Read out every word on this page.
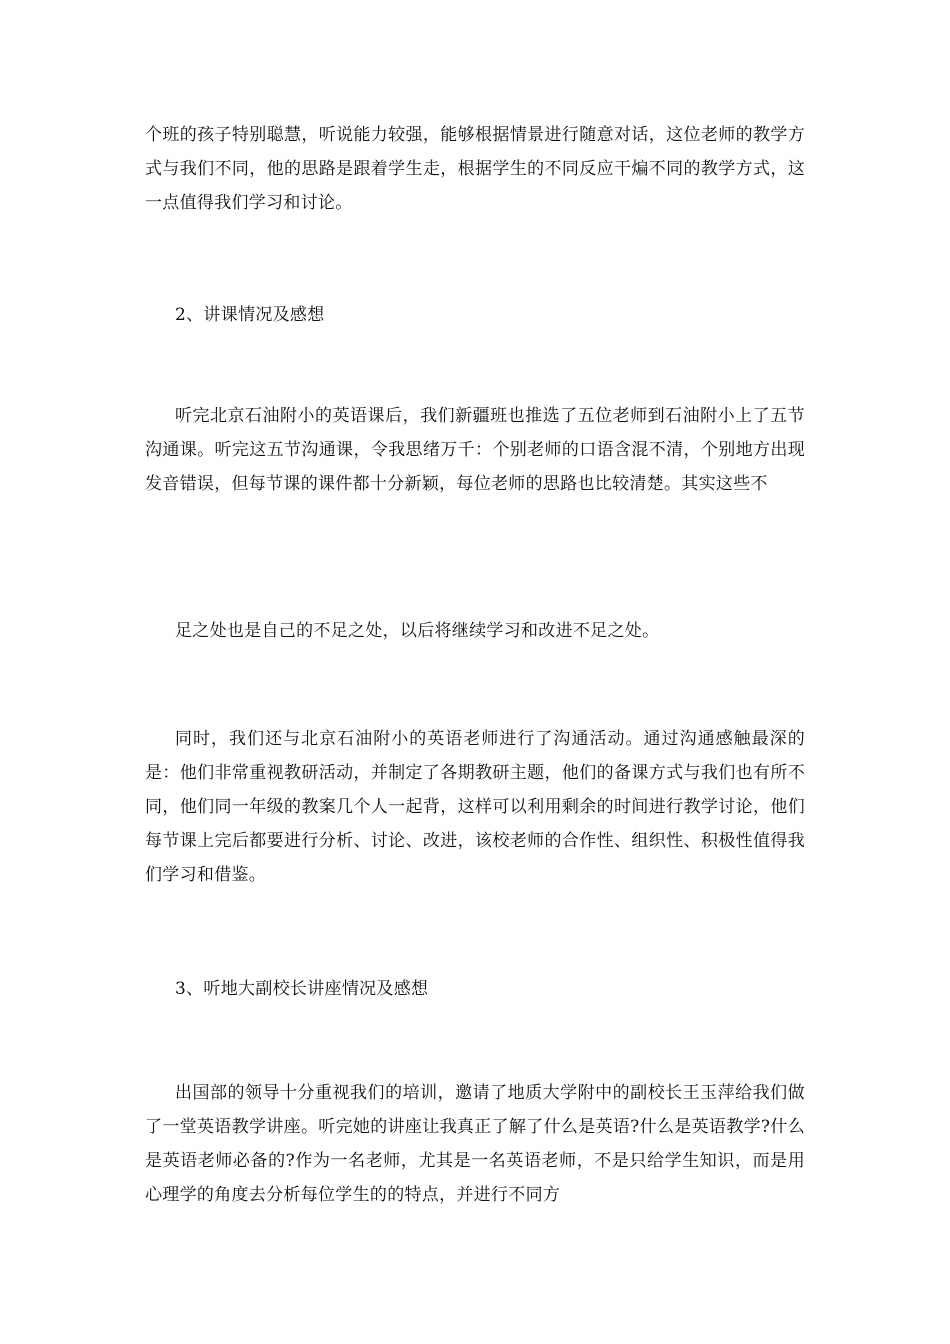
个班的孩子特别聪慧，听说能力较强，能够根据情景进行随意对话，这位老师的教学方式与我们不同，他的思路是跟着学生走，根据学生的不同反应干煸不同的教学方式，这一点值得我们学习和讨论。

2、讲课情况及感想

听完北京石油附小的英语课后，我们新疆班也推选了五位老师到石油附小上了五节沟通课。听完这五节沟通课，令我思绪万千：个别老师的口语含混不清，个别地方出现发音错误，但每节课的课件都十分新颖，每位老师的思路也比较清楚。其实这些不

足之处也是自己的不足之处，以后将继续学习和改进不足之处。

同时，我们还与北京石油附小的英语老师进行了沟通活动。通过沟通感触最深的是：他们非常重视教研活动，并制定了各期教研主题，他们的备课方式与我们也有所不同，他们同一年级的教案几个人一起背，这样可以利用剩余的时间进行教学讨论，他们每节课上完后都要进行分析、讨论、改进，该校老师的合作性、组织性、积极性值得我们学习和借鉴。

3、听地大副校长讲座情况及感想

出国部的领导十分重视我们的培训，邀请了地质大学附中的副校长王玉萍给我们做了一堂英语教学讲座。听完她的讲座让我真正了解了什么是英语?什么是英语教学?什么是英语老师必备的?作为一名老师，尤其是一名英语老师，不是只给学生知识，而是用心理学的角度去分析每位学生的的特点，并进行不同方
